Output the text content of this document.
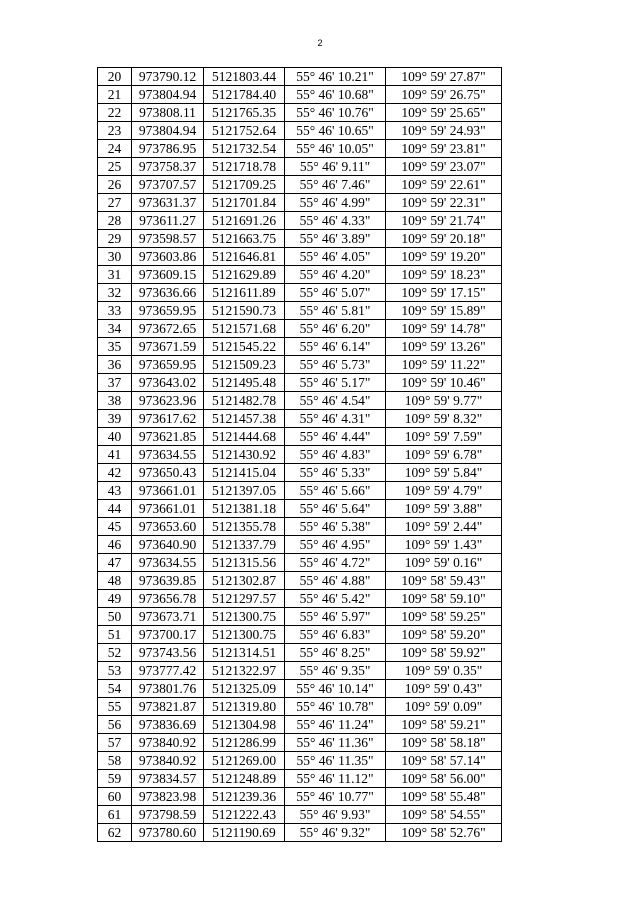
2
20	973790.12	5121803.44	55° 46' 10.21"	109° 59' 27.87"
21	973804.94	5121784.40	55° 46' 10.68"	109° 59' 26.75"
22	973808.11	5121765.35	55° 46' 10.76"	109° 59' 25.65"
23	973804.94	5121752.64	55° 46' 10.65"	109° 59' 24.93"
24	973786.95	5121732.54	55° 46' 10.05"	109° 59' 23.81"
25	973758.37	5121718.78	55° 46' 9.11"	109° 59' 23.07"
26	973707.57	5121709.25	55° 46' 7.46"	109° 59' 22.61"
27	973631.37	5121701.84	55° 46' 4.99"	109° 59' 22.31"
28	973611.27	5121691.26	55° 46' 4.33"	109° 59' 21.74"
29	973598.57	5121663.75	55° 46' 3.89"	109° 59' 20.18"
30	973603.86	5121646.81	55° 46' 4.05"	109° 59' 19.20"
31	973609.15	5121629.89	55° 46' 4.20"	109° 59' 18.23"
32	973636.66	5121611.89	55° 46' 5.07"	109° 59' 17.15"
33	973659.95	5121590.73	55° 46' 5.81"	109° 59' 15.89"
34	973672.65	5121571.68	55° 46' 6.20"	109° 59' 14.78"
35	973671.59	5121545.22	55° 46' 6.14"	109° 59' 13.26"
36	973659.95	5121509.23	55° 46' 5.73"	109° 59' 11.22"
37	973643.02	5121495.48	55° 46' 5.17"	109° 59' 10.46"
38	973623.96	5121482.78	55° 46' 4.54"	109° 59' 9.77"
39	973617.62	5121457.38	55° 46' 4.31"	109° 59' 8.32"
40	973621.85	5121444.68	55° 46' 4.44"	109° 59' 7.59"
41	973634.55	5121430.92	55° 46' 4.83"	109° 59' 6.78"
42	973650.43	5121415.04	55° 46' 5.33"	109° 59' 5.84"
43	973661.01	5121397.05	55° 46' 5.66"	109° 59' 4.79"
44	973661.01	5121381.18	55° 46' 5.64"	109° 59' 3.88"
45	973653.60	5121355.78	55° 46' 5.38"	109° 59' 2.44"
46	973640.90	5121337.79	55° 46' 4.95"	109° 59' 1.43"
47	973634.55	5121315.56	55° 46' 4.72"	109° 59' 0.16"
48	973639.85	5121302.87	55° 46' 4.88"	109° 58' 59.43"
49	973656.78	5121297.57	55° 46' 5.42"	109° 58' 59.10"
50	973673.71	5121300.75	55° 46' 5.97"	109° 58' 59.25"
51	973700.17	5121300.75	55° 46' 6.83"	109° 58' 59.20"
52	973743.56	5121314.51	55° 46' 8.25"	109° 58' 59.92"
53	973777.42	5121322.97	55° 46' 9.35"	109° 59' 0.35"
54	973801.76	5121325.09	55° 46' 10.14"	109° 59' 0.43"
55	973821.87	5121319.80	55° 46' 10.78"	109° 59' 0.09"
56	973836.69	5121304.98	55° 46' 11.24"	109° 58' 59.21"
57	973840.92	5121286.99	55° 46' 11.36"	109° 58' 58.18"
58	973840.92	5121269.00	55° 46' 11.35"	109° 58' 57.14"
59	973834.57	5121248.89	55° 46' 11.12"	109° 58' 56.00"
60	973823.98	5121239.36	55° 46' 10.77"	109° 58' 55.48"
61	973798.59	5121222.43	55° 46' 9.93"	109° 58' 54.55"
62	973780.60	5121190.69	55° 46' 9.32"	109° 58' 52.76"
